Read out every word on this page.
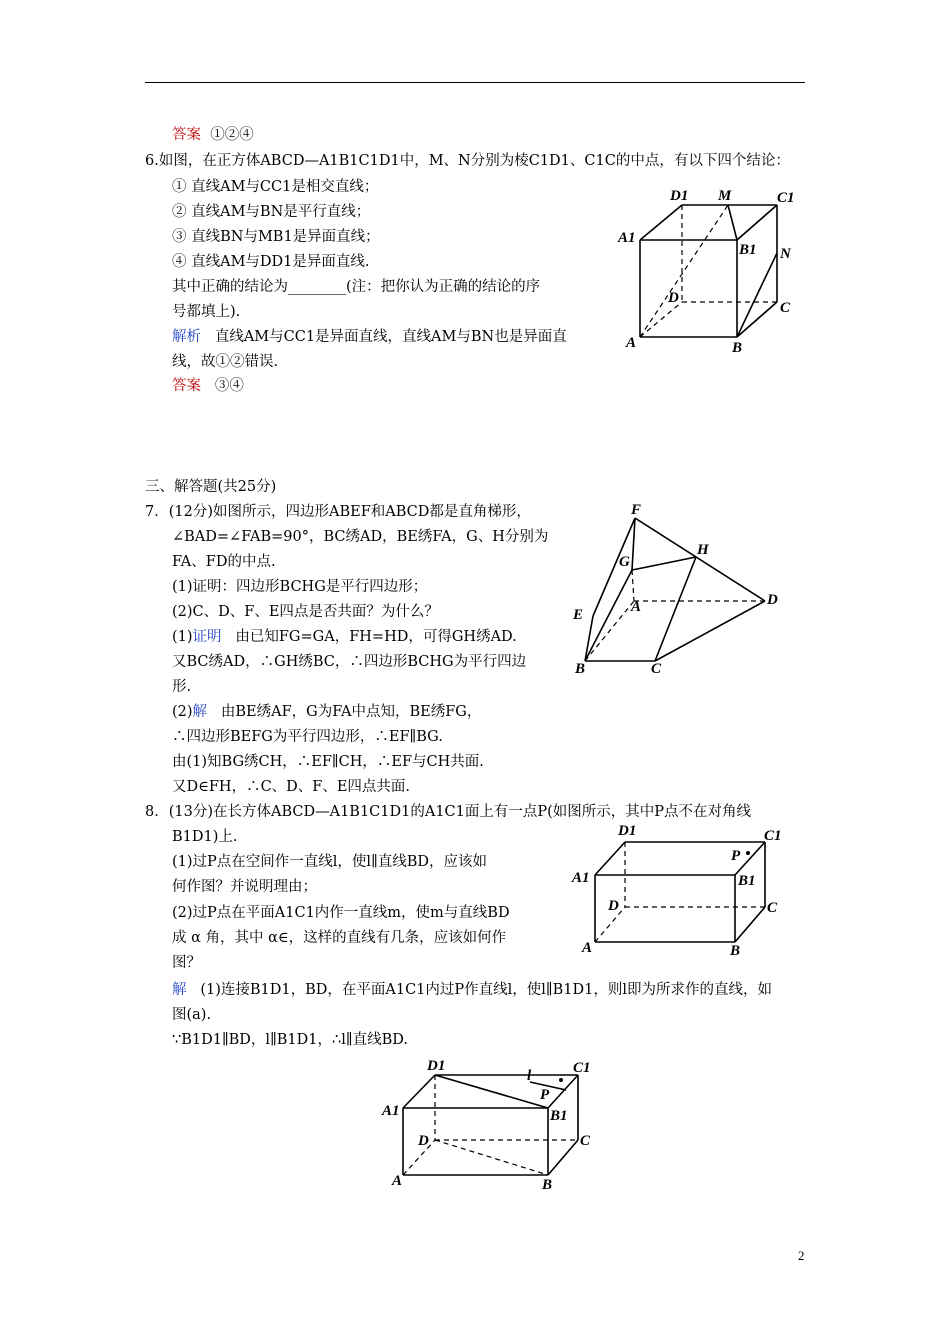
答案 ①②④
6.如图，在正方体ABCD—A1B1C1D1中，M、N分别为棱C1D1、C1C的中点，有以下四个结论：
① 直线AM与CC1是相交直线；
② 直线AM与BN是平行直线；
③ 直线BN与MB1是异面直线；
④ 直线AM与DD1是异面直线.
其中正确的结论为________(注：把你认为正确的结论的序
号都填上).
解析 直线AM与CC1是异面直线，直线AM与BN也是异面直
线，故①②错误.
答案 ③④
D1 M	C1
A1
B1 N
D
C
A	B
三、解答题(共25分)
7．(12分)如图所示，四边形ABEF和ABCD都是直角梯形，
∠BAD=∠FAB=90°，BC绣AD，BE绣FA，G、H分别为
FA、FD的中点.
(1)证明：四边形BCHG是平行四边形；
(2)C、D、F、E四点是否共面？为什么？
(1)证明 由已知FG=GA，FH=HD，可得GH绣AD.
又BC绣AD，∴GH绣BC，∴四边形BCHG为平行四边
形.
(2)解 由BE绣AF，G为FA中点知，BE绣FG，
∴四边形BEFG为平行四边形，∴EF∥BG.
由(1)知BG绣CH，∴EF∥CH，∴EF与CH共面.
又D∈FH，∴C、D、F、E四点共面.
F
G
H
E	A	D
B	C
8．(13分)在长方体ABCD—A1B1C1D1的A1C1面上有一点P(如图所示，其中P点不在对角线
B1D1)上.
(1)过P点在空间作一直线l，使l∥直线BD，应该如
何作图？并说明理由；
(2)过P点在平面A1C1内作一直线m，使m与直线BD
成 α 角，其中 α∈，这样的直线有几条，应该如何作
图？
解 (1)连接B1D1，BD，在平面A1C1内过P作直线l，使l∥B1D1，则l即为所求作的直线，如
图(a).
∵B1D1∥BD，l∥B1D1，∴l∥直线BD.
D1	C1
P
A1	B1
D	C
A	B
D1	C1
l
P
A1	B1
D	C
A	B
2
